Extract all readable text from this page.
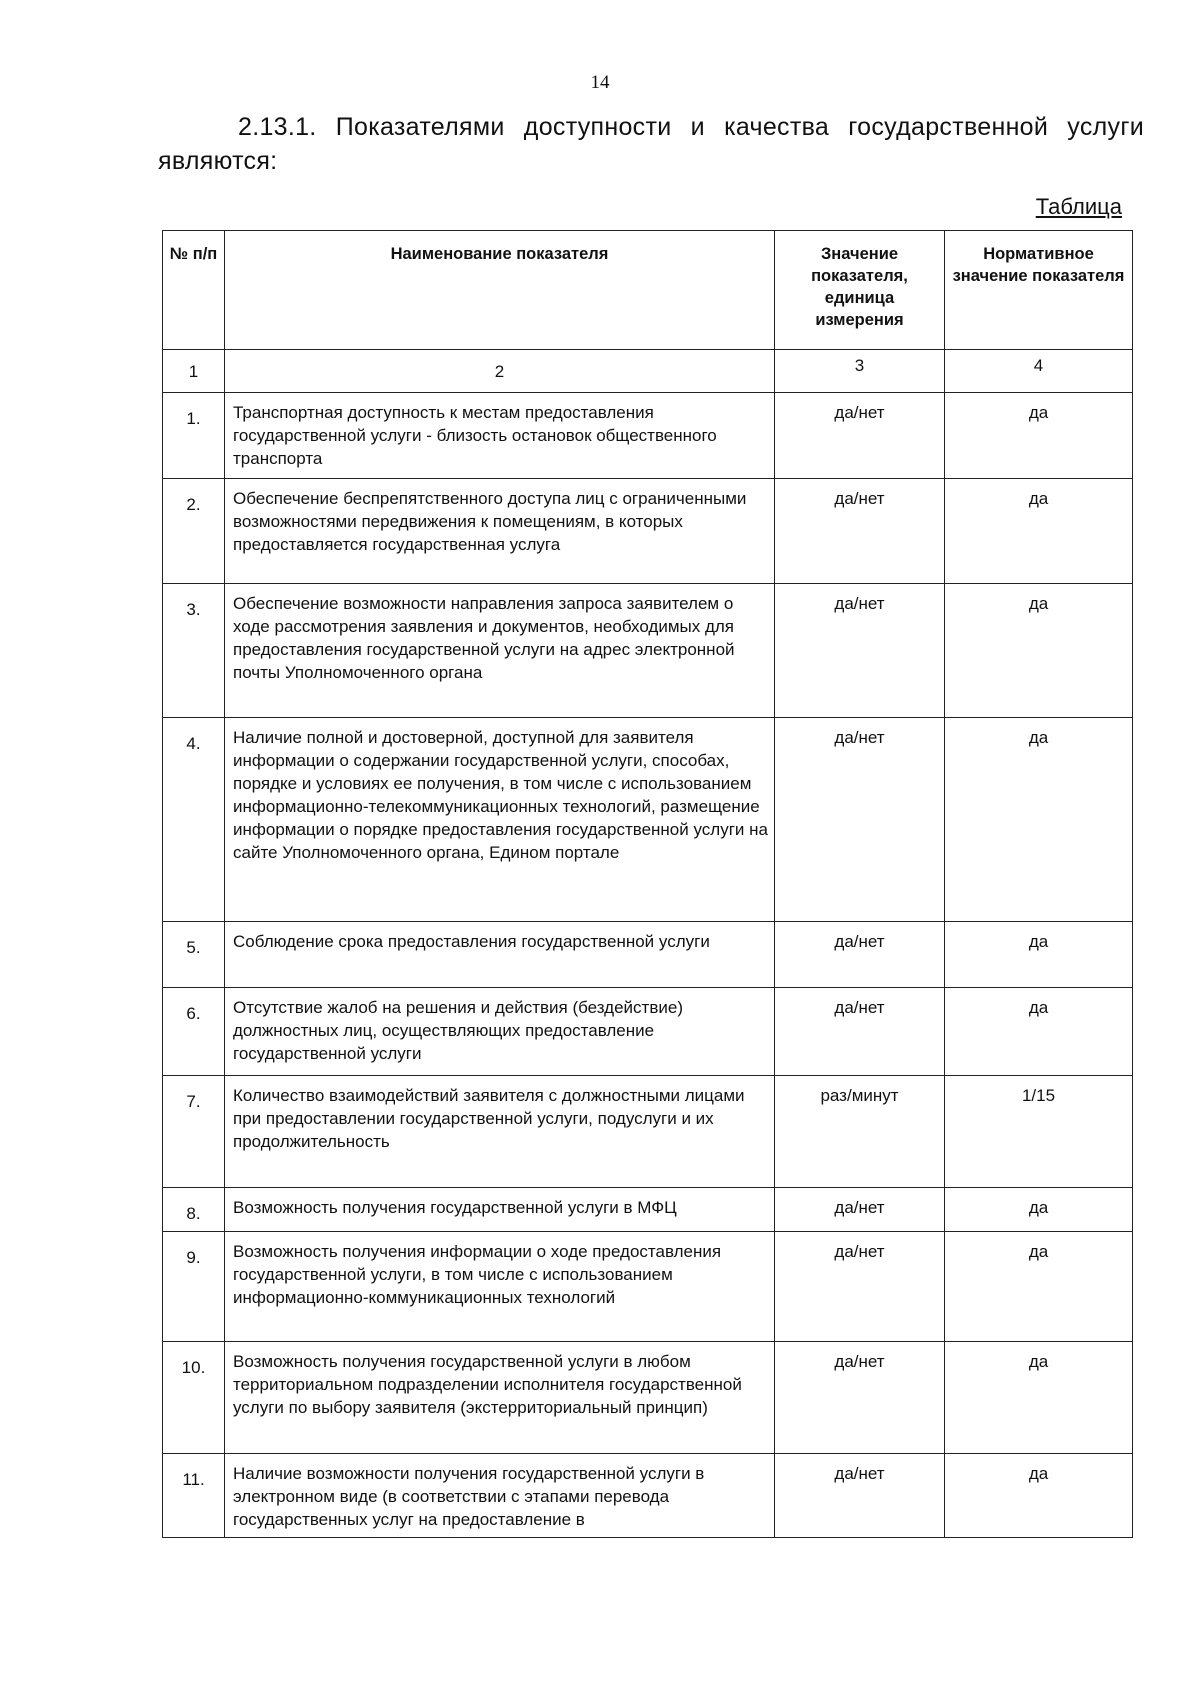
14
2.13.1. Показателями доступности и качества государственной услуги являются:
Таблица
№ п/п	Наименование показателя	Значение показателя, единица измерения	Нормативное значение показателя
1	2	3	4
1.	Транспортная доступность к местам предоставления государственной услуги - близость остановок общественного транспорта	да/нет	да
2.	Обеспечение беспрепятственного доступа лиц с ограниченными возможностями передвижения к помещениям, в которых предоставляется государственная услуга	да/нет	да
3.	Обеспечение возможности направления запроса заявителем о ходе рассмотрения заявления и документов, необходимых для предоставления государственной услуги на адрес электронной почты Уполномоченного органа	да/нет	да
4.	Наличие полной и достоверной, доступной для заявителя информации о содержании государственной услуги, способах, порядке и условиях ее получения, в том числе с использованием информационно-телекоммуникационных технологий, размещение информации о порядке предоставления государственной услуги на сайте Уполномоченного органа, Едином портале	да/нет	да
5.	Соблюдение срока предоставления государственной услуги	да/нет	да
6.	Отсутствие жалоб на решения и действия (бездействие) должностных лиц, осуществляющих предоставление государственной услуги	да/нет	да
7.	Количество взаимодействий заявителя с должностными лицами при предоставлении государственной услуги, подуслуги и их продолжительность	раз/минут	1/15
8.	Возможность получения государственной услуги в МФЦ	да/нет	да
9.	Возможность получения информации о ходе предоставления государственной услуги, в том числе с использованием информационно-коммуникационных технологий	да/нет	да
10.	Возможность получения государственной услуги в любом территориальном подразделении исполнителя государственной услуги по выбору заявителя (экстерриториальный принцип)	да/нет	да
11.	Наличие возможности получения государственной услуги в электронном виде (в соответствии с этапами перевода государственных услуг на предоставление в	да/нет	да
